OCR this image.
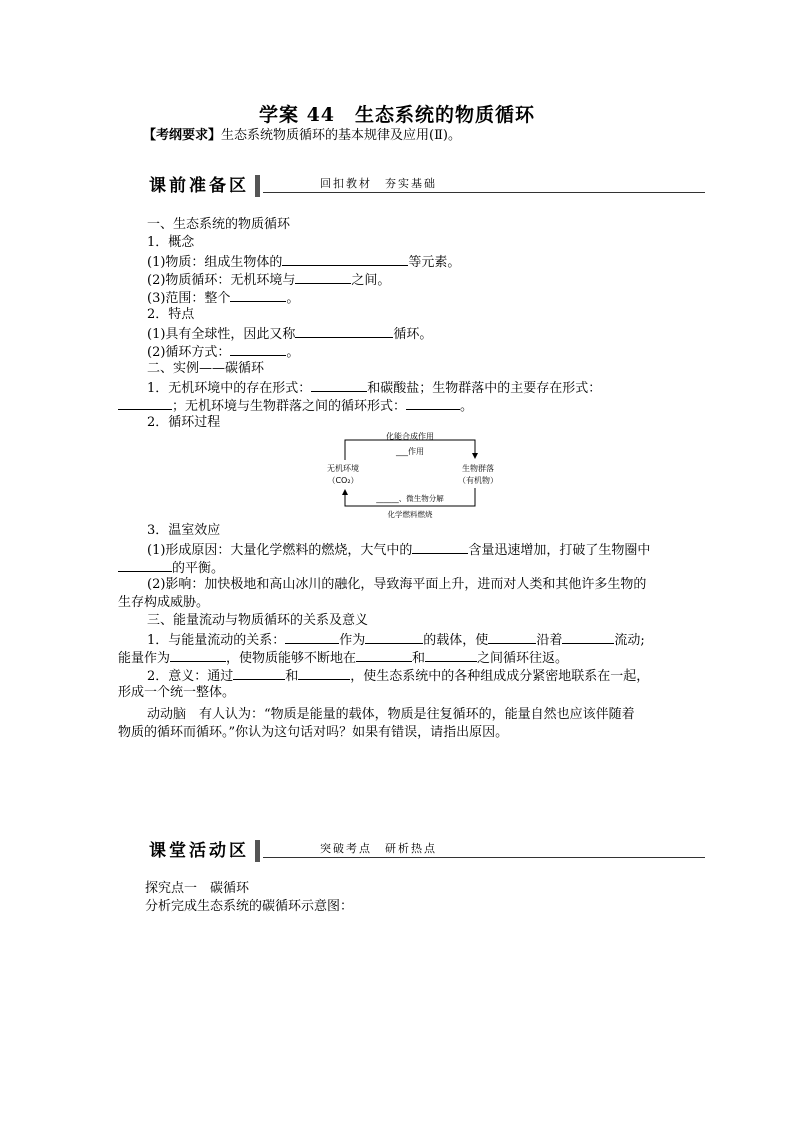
学案 44　生态系统的物质循环
【考纲要求】生态系统物质循环的基本规律及应用(Ⅱ)。
课前准备区	回扣教材　夯实基础
一、生态系统的物质循环
1．概念
(1)物质：组成生物体的	等元素。
(2)物质循环：无机环境与	之间。
(3)范围：整个	。
2．特点
(1)具有全球性，因此又称	循环。
(2)循环方式：	。
二、实例——碳循环
1．无机环境中的存在形式：	和碳酸盐；生物群落中的主要存在形式：
；无机环境与生物群落之间的循环形式：	。
2．循环过程
化能合成作用
___作用
无机环境
（CO₂）
生物群落
（有机物）
______、微生物分解
化学燃料燃烧
3．温室效应
(1)形成原因：大量化学燃料的燃烧，大气中的	含量迅速增加，打破了生物圈中
的平衡。
(2)影响：加快极地和高山冰川的融化，导致海平面上升，进而对人类和其他许多生物的
生存构成威胁。
三、能量流动与物质循环的关系及意义
1．与能量流动的关系：	作为	的载体，使	沿着	流动;
能量作为	，使物质能够不断地在	和	之间循环往返。
2．意义：通过	和	，使生态系统中的各种组成成分紧密地联系在一起，
形成一个统一整体。
动动脑　有人认为：“物质是能量的载体，物质是往复循环的，能量自然也应该伴随着
物质的循环而循环。”你认为这句话对吗？如果有错误，请指出原因。
课堂活动区	突破考点　研析热点
探究点一　碳循环
分析完成生态系统的碳循环示意图：
